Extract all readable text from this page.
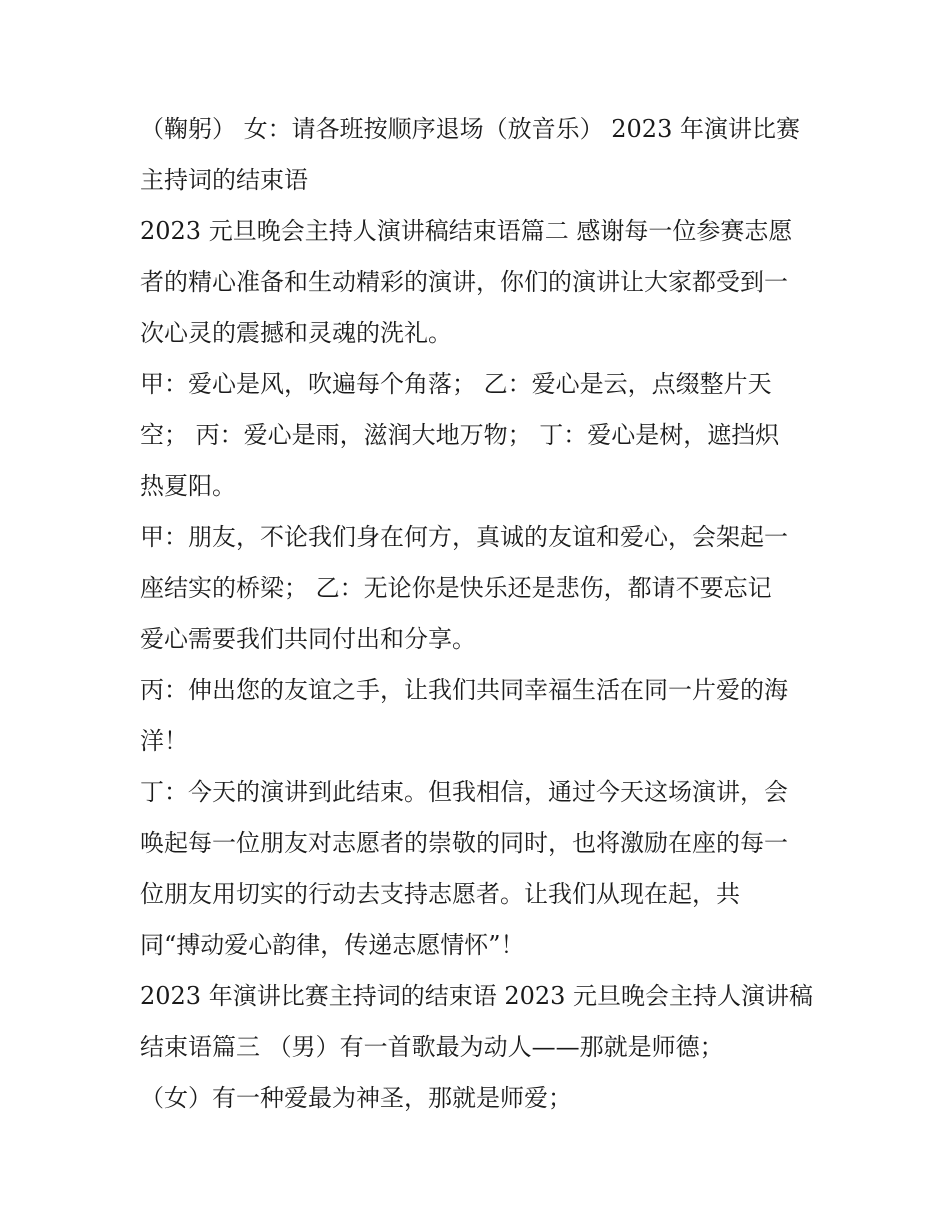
（鞠躬） 女：请各班按顺序退场（放音乐） 2023 年演讲比赛
主持词的结束语
2023 元旦晚会主持人演讲稿结束语篇二 感谢每一位参赛志愿
者的精心准备和生动精彩的演讲，你们的演讲让大家都受到一
次心灵的震撼和灵魂的洗礼。
甲：爱心是风，吹遍每个角落； 乙：爱心是云，点缀整片天
空； 丙：爱心是雨，滋润大地万物； 丁：爱心是树，遮挡炽
热夏阳。
甲：朋友，不论我们身在何方，真诚的友谊和爱心，会架起一
座结实的桥梁； 乙：无论你是快乐还是悲伤，都请不要忘记
爱心需要我们共同付出和分享。
丙：伸出您的友谊之手，让我们共同幸福生活在同一片爱的海
洋！
丁：今天的演讲到此结束。但我相信，通过今天这场演讲，会
唤起每一位朋友对志愿者的崇敬的同时，也将激励在座的每一
位朋友用切实的行动去支持志愿者。让我们从现在起，共
同“搏动爱心韵律，传递志愿情怀”！
2023 年演讲比赛主持词的结束语 2023 元旦晚会主持人演讲稿
结束语篇三 （男）有一首歌最为动人——那就是师德；
（女）有一种爱最为神圣，那就是师爱；
